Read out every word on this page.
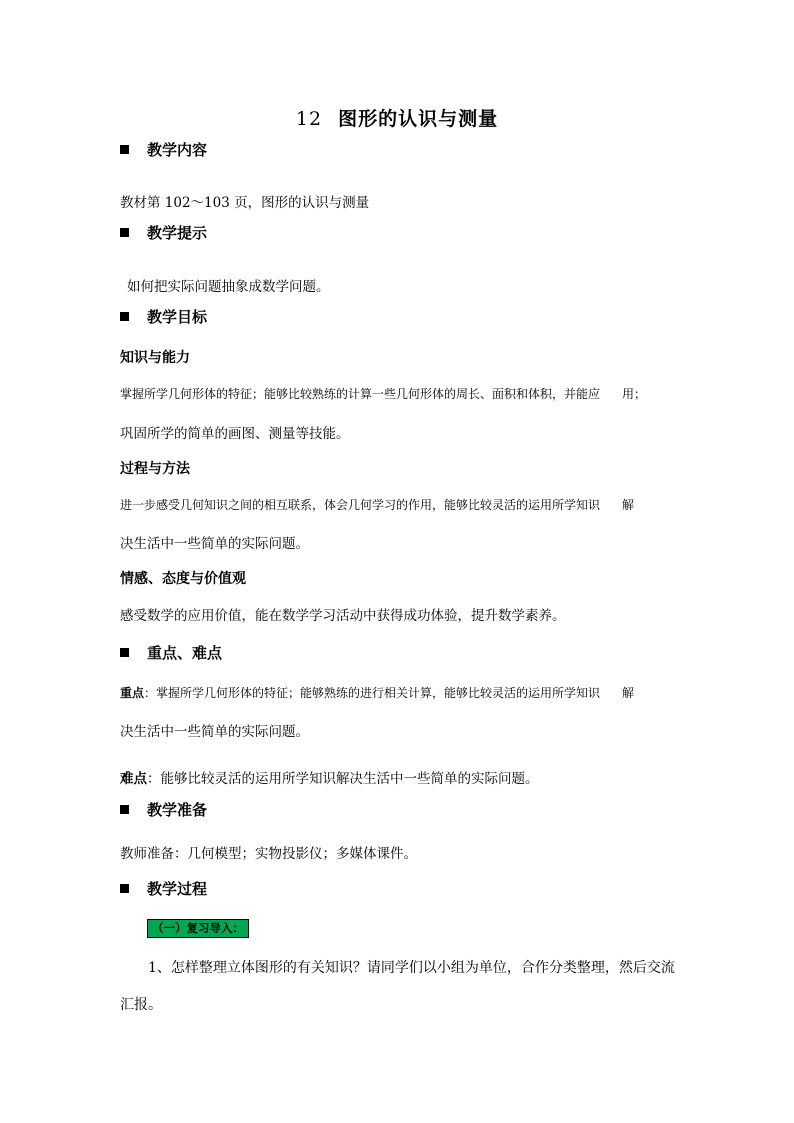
12 图形的认识与测量
教学内容
教材第 102～103 页，图形的认识与测量
教学提示
如何把实际问题抽象成数学问题。
教学目标
知识与能力
掌握所学几何形体的特征；能够比较熟练的计算一些几何形体的周长、面积和体积，并能应 用；
巩固所学的简单的画图、测量等技能。
过程与方法
进一步感受几何知识之间的相互联系，体会几何学习的作用，能够比较灵活的运用所学知识 解
决生活中一些简单的实际问题。
情感、态度与价值观
感受数学的应用价值，能在数学学习活动中获得成功体验，提升数学素养。
重点、难点
重点：掌握所学几何形体的特征；能够熟练的进行相关计算，能够比较灵活的运用所学知识 解
决生活中一些简单的实际问题。
难点：能够比较灵活的运用所学知识解决生活中一些简单的实际问题。
教学准备
教师准备：几何模型；实物投影仪；多媒体课件。
教学过程
（一）复习导入：
1、怎样整理立体图形的有关知识？请同学们以小组为单位，合作分类整理，然后交流
汇报。
